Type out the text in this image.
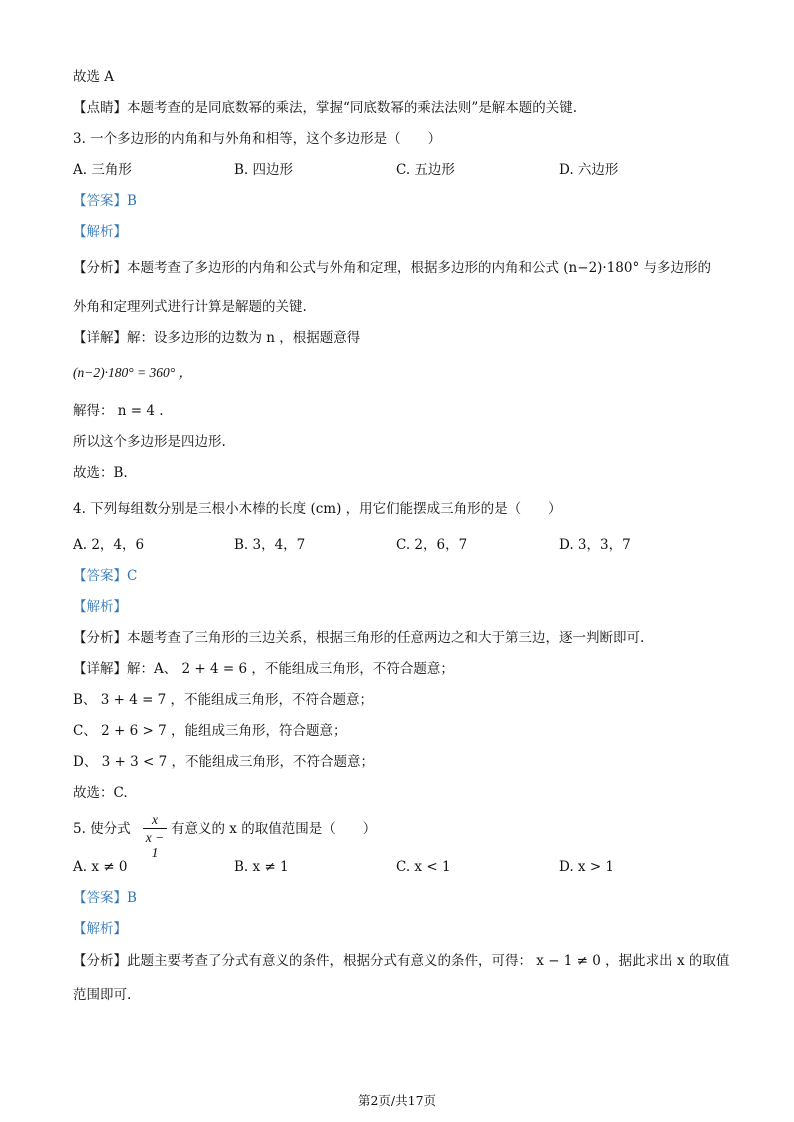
故选 A
【点睛】本题考查的是同底数幂的乘法，掌握“同底数幂的乘法法则”是解本题的关键.
3. 一个多边形的内角和与外角和相等，这个多边形是（　　）
A. 三角形	B. 四边形	C. 五边形	D. 六边形
【答案】B
【解析】
【分析】本题考查了多边形的内角和公式与外角和定理，根据多边形的内角和公式 (n−2)·180° 与多边形的
外角和定理列式进行计算是解题的关键.
【详解】解：设多边形的边数为 n ，根据题意得
(n−2)·180° = 360° ，
解得： n = 4 .
所以这个多边形是四边形.
故选：B.
4. 下列每组数分别是三根小木棒的长度 (cm) ，用它们能摆成三角形的是（　　）
A. 2，4，6	B. 3，4，7	C. 2，6，7	D. 3，3，7
【答案】C
【解析】
【分析】本题考查了三角形的三边关系，根据三角形的任意两边之和大于第三边，逐一判断即可.
【详解】解：A、 2 + 4 = 6 ，不能组成三角形，不符合题意；
B、 3 + 4 = 7 ，不能组成三角形，不符合题意；
C、 2 + 6 > 7 ，能组成三角形，符合题意；
D、 3 + 3 < 7 ，不能组成三角形，不符合题意；
故选：C.
5. 使分式
x
x − 1
有意义的 x 的取值范围是（　　）
A. x ≠ 0	B. x ≠ 1	C. x < 1	D. x > 1
【答案】B
【解析】
【分析】此题主要考查了分式有意义的条件，根据分式有意义的条件，可得： x − 1 ≠ 0 ，据此求出 x 的取值
范围即可.
第2页/共17页
